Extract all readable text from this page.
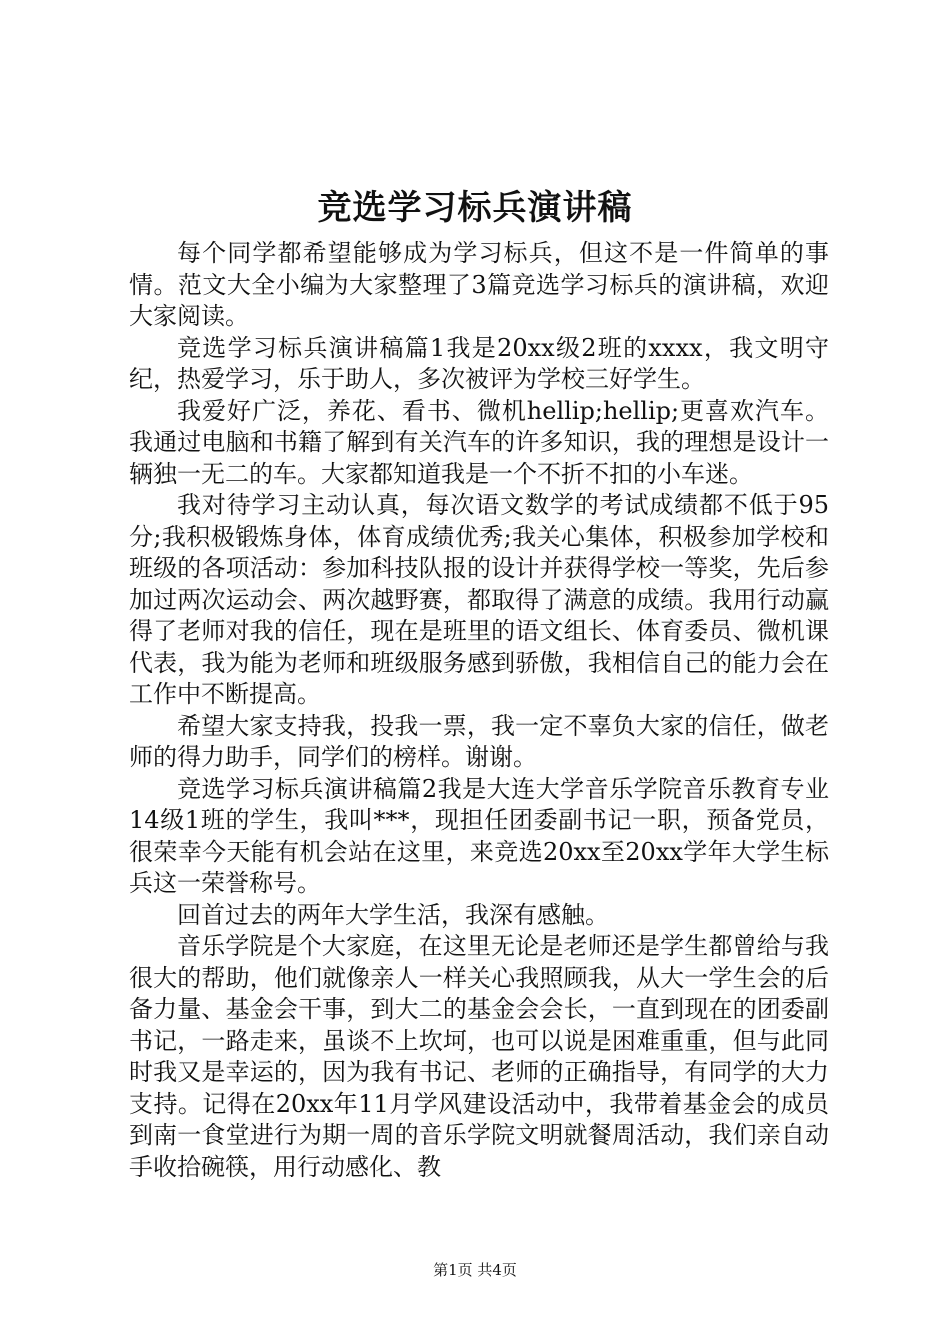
竞选学习标兵演讲稿

每个同学都希望能够成为学习标兵，但这不是一件简单的事情。范文大全小编为大家整理了3篇竞选学习标兵的演讲稿，欢迎大家阅读。

竞选学习标兵演讲稿篇1我是20xx级2班的xxxx，我文明守纪，热爱学习，乐于助人，多次被评为学校三好学生。

我爱好广泛，养花、看书、微机hellip;hellip;更喜欢汽车。我通过电脑和书籍了解到有关汽车的许多知识，我的理想是设计一辆独一无二的车。大家都知道我是一个不折不扣的小车迷。

我对待学习主动认真，每次语文数学的考试成绩都不低于95分;我积极锻炼身体，体育成绩优秀;我关心集体，积极参加学校和班级的各项活动：参加科技队报的设计并获得学校一等奖，先后参加过两次运动会、两次越野赛，都取得了满意的成绩。我用行动赢得了老师对我的信任，现在是班里的语文组长、体育委员、微机课代表，我为能为老师和班级服务感到骄傲，我相信自己的能力会在工作中不断提高。

希望大家支持我，投我一票，我一定不辜负大家的信任，做老师的得力助手，同学们的榜样。谢谢。

竞选学习标兵演讲稿篇2我是大连大学音乐学院音乐教育专业14级1班的学生，我叫***，现担任团委副书记一职，预备党员，很荣幸今天能有机会站在这里，来竞选20xx至20xx学年大学生标兵这一荣誉称号。

回首过去的两年大学生活，我深有感触。

音乐学院是个大家庭，在这里无论是老师还是学生都曾给与我很大的帮助，他们就像亲人一样关心我照顾我，从大一学生会的后备力量、基金会干事，到大二的基金会会长，一直到现在的团委副书记，一路走来，虽谈不上坎坷，也可以说是困难重重，但与此同时我又是幸运的，因为我有书记、老师的正确指导，有同学的大力支持。记得在20xx年11月学风建设活动中，我带着基金会的成员到南一食堂进行为期一周的音乐学院文明就餐周活动，我们亲自动手收拾碗筷，用行动感化、教

第1页 共4页
